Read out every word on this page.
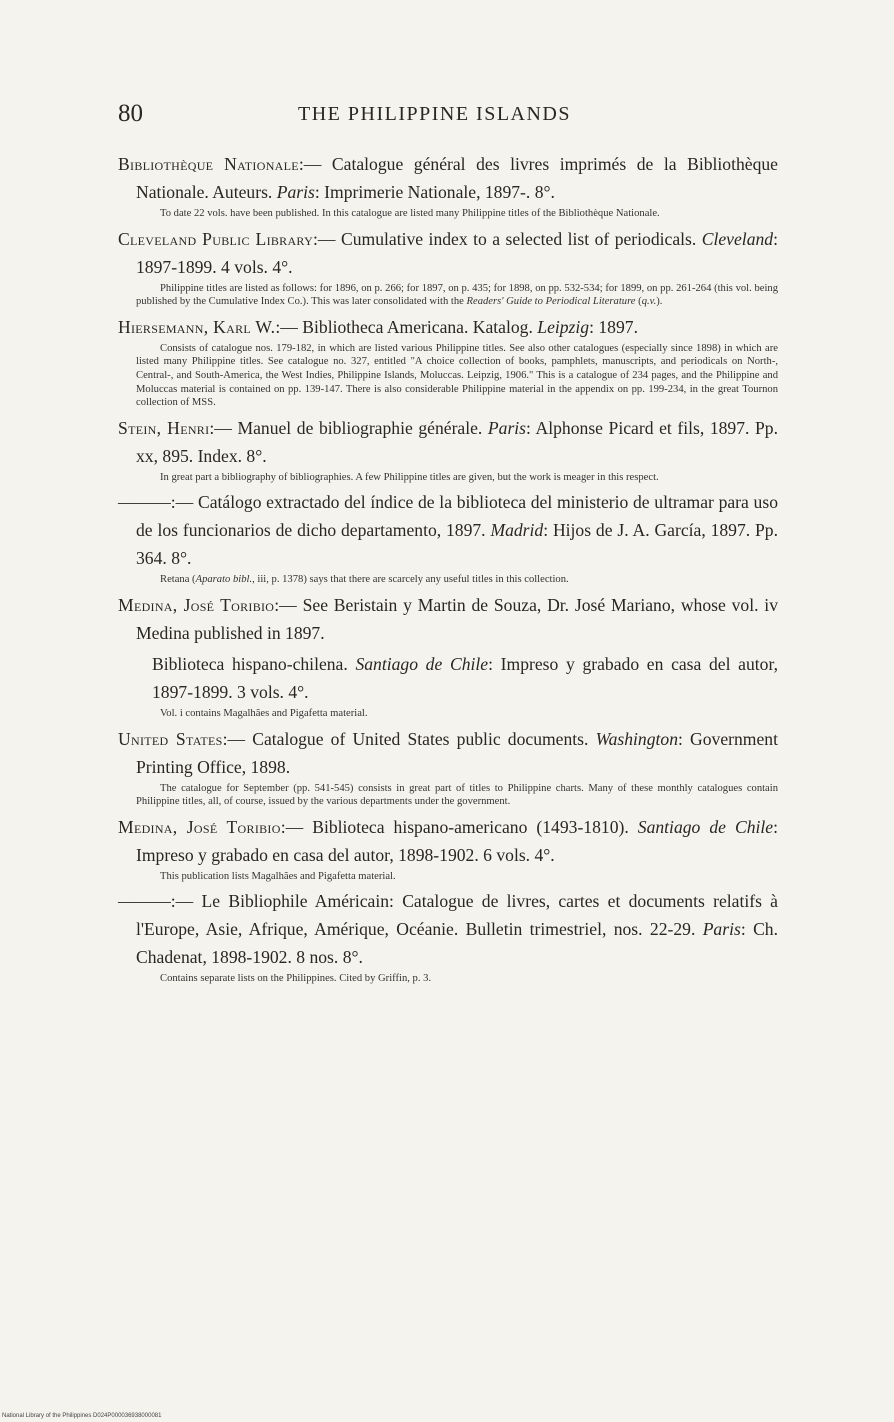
80	THE PHILIPPINE ISLANDS

Bibliothèque Nationale:— Catalogue général des livres imprimés de la Bibliothèque Nationale. Auteurs. Paris: Imprimerie Nationale, 1897-. 8°.

To date 22 vols. have been published. In this catalogue are listed many Philippine titles of the Bibliothèque Nationale.

Cleveland Public Library:— Cumulative index to a selected list of periodicals. Cleveland: 1897-1899. 4 vols. 4°.

Philippine titles are listed as follows: for 1896, on p. 266; for 1897, on p. 435; for 1898, on pp. 532-534; for 1899, on pp. 261-264 (this vol. being published by the Cumulative Index Co.). This was later consolidated with the Readers' Guide to Periodical Literature (q.v.).

Hiersemann, Karl W.:— Bibliotheca Americana. Katalog. Leipzig: 1897.

Consists of catalogue nos. 179-182, in which are listed various Philippine titles. See also other catalogues (especially since 1898) in which are listed many Philippine titles. See catalogue no. 327, entitled "A choice collection of books, pamphlets, manuscripts, and periodicals on North-, Central-, and South-America, the West Indies, Philippine Islands, Moluccas. Leipzig, 1906." This is a catalogue of 234 pages, and the Philippine and Moluccas material is contained on pp. 139-147. There is also considerable Philippine material in the appendix on pp. 199-234, in the great Tournon collection of MSS.

Stein, Henri:— Manuel de bibliographie générale. Paris: Alphonse Picard et fils, 1897. Pp. xx, 895. Index. 8°.

In great part a bibliography of bibliographies. A few Philippine titles are given, but the work is meager in this respect.

———:— Catálogo extractado del índice de la biblioteca del ministerio de ultramar para uso de los funcionarios de dicho departamento, 1897. Madrid: Hijos de J. A. García, 1897. Pp. 364. 8°.

Retana (Aparato bibl., iii, p. 1378) says that there are scarcely any useful titles in this collection.

Medina, José Toribio:— See Beristain y Martin de Souza, Dr. José Mariano, whose vol. iv Medina published in 1897.

Biblioteca hispano-chilena. Santiago de Chile: Impreso y grabado en casa del autor, 1897-1899. 3 vols. 4°.

Vol. i contains Magalhães and Pigafetta material.

United States:— Catalogue of United States public documents. Washington: Government Printing Office, 1898.

The catalogue for September (pp. 541-545) consists in great part of titles to Philippine charts. Many of these monthly catalogues contain Philippine titles, all, of course, issued by the various departments under the government.

Medina, José Toribio:— Biblioteca hispano-americano (1493-1810). Santiago de Chile: Impreso y grabado en casa del autor, 1898-1902. 6 vols. 4°.

This publication lists Magalhães and Pigafetta material.

———:— Le Bibliophile Américain: Catalogue de livres, cartes et documents relatifs à l'Europe, Asie, Afrique, Amérique, Océanie. Bulletin trimestriel, nos. 22-29. Paris: Ch. Chadenat, 1898-1902. 8 nos. 8°.

Contains separate lists on the Philippines. Cited by Griffin, p. 3.

National Library of the Philippines D024P000036938000081
